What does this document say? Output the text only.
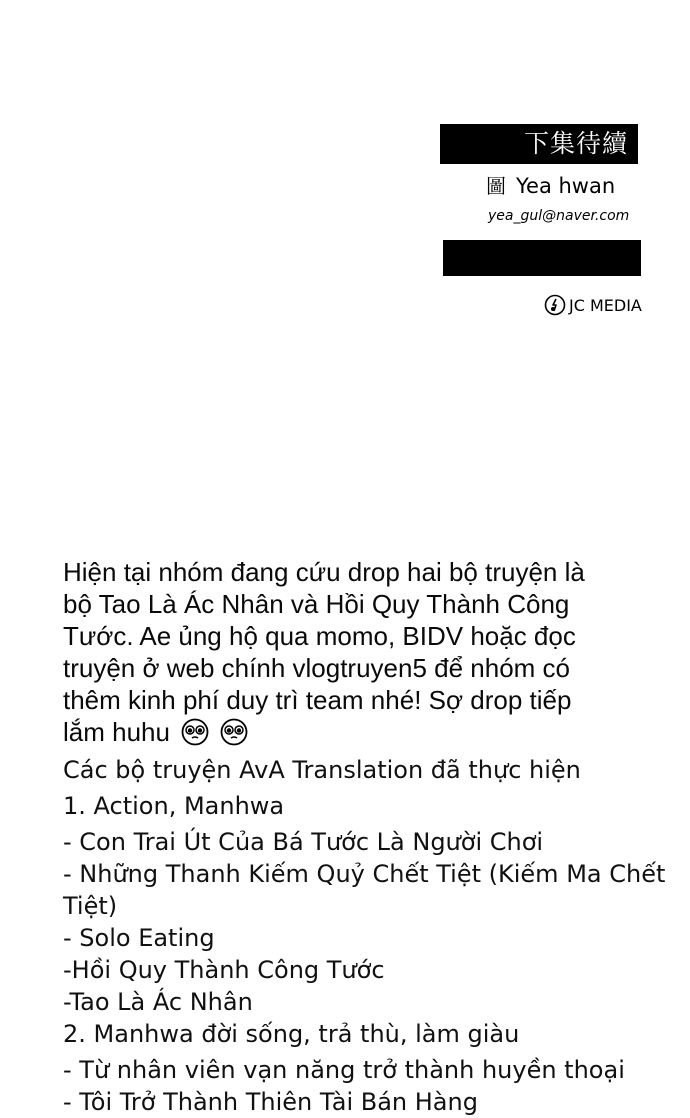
下集待續
圖 Yea hwan
yea_gul@naver.com
JC MEDIA
Hiện tại nhóm đang cứu drop hai bộ truyện là
bộ Tao Là Ác Nhân và Hồi Quy Thành Công
Tước. Ae ủng hộ qua momo, BIDV hoặc đọc
truyện ở web chính vlogtruyen5 để nhóm có
thêm kinh phí duy trì team nhé! Sợ drop tiếp
lắm huhu
Các bộ truyện AvA Translation đã thực hiện
1. Action, Manhwa
- Con Trai Út Của Bá Tước Là Người Chơi
- Những Thanh Kiếm Quỷ Chết Tiệt (Kiếm Ma Chết Tiệt)
- Solo Eating
-Hồi Quy Thành Công Tước
-Tao Là Ác Nhân
2. Manhwa đời sống, trả thù, làm giàu
- Từ nhân viên vạn năng trở thành huyền thoại
- Tôi Trở Thành Thiên Tài Bán Hàng
